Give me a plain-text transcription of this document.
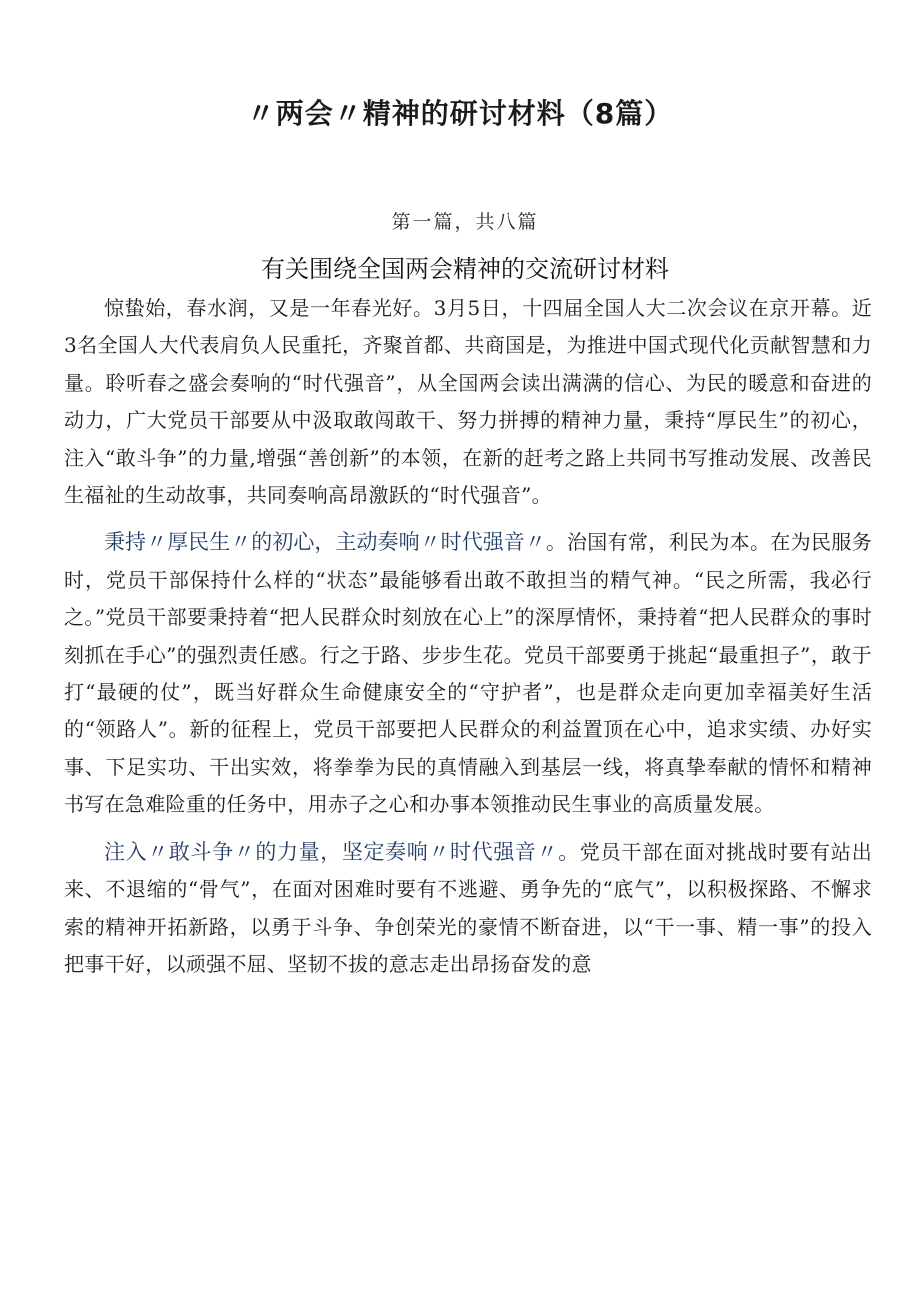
〃两会〃精神的研讨材料（8篇）
第一篇，共八篇
有关围绕全国两会精神的交流研讨材料

惊蛰始，春水润，又是一年春光好。3月5日，十四届全国人大二次会议在京开幕。近3名全国人大代表肩负人民重托，齐聚首都、共商国是，为推进中国式现代化贡献智慧和力量。聆听春之盛会奏响的“时代强音”，从全国两会读出满满的信心、为民的暖意和奋进的动力，广大党员干部要从中汲取敢闯敢干、努力拼搏的精神力量，秉持“厚民生”的初心，注入“敢斗争”的力量,增强“善创新”的本领，在新的赶考之路上共同书写推动发展、改善民生福祉的生动故事，共同奏响高昂激跃的“时代强音”。

秉持〃厚民生〃的初心，主动奏响〃时代强音〃。治国有常，利民为本。在为民服务时，党员干部保持什么样的“状态”最能够看出敢不敢担当的精气神。“民之所需，我必行之。”党员干部要秉持着“把人民群众时刻放在心上”的深厚情怀，秉持着“把人民群众的事时刻抓在手心”的强烈责任感。行之于路、步步生花。党员干部要勇于挑起“最重担子”，敢于打“最硬的仗”，既当好群众生命健康安全的“守护者”，也是群众走向更加幸福美好生活的“领路人”。新的征程上，党员干部要把人民群众的利益置顶在心中，追求实绩、办好实事、下足实功、干出实效，将拳拳为民的真情融入到基层一线，将真挚奉献的情怀和精神书写在急难险重的任务中，用赤子之心和办事本领推动民生事业的高质量发展。

注入〃敢斗争〃的力量，坚定奏响〃时代强音〃。党员干部在面对挑战时要有站出来、不退缩的“骨气”，在面对困难时要有不逃避、勇争先的“底气”，以积极探路、不懈求索的精神开拓新路，以勇于斗争、争创荣光的豪情不断奋进，以“干一事、精一事”的投入把事干好，以顽强不屈、坚韧不拔的意志走出昂扬奋发的意
